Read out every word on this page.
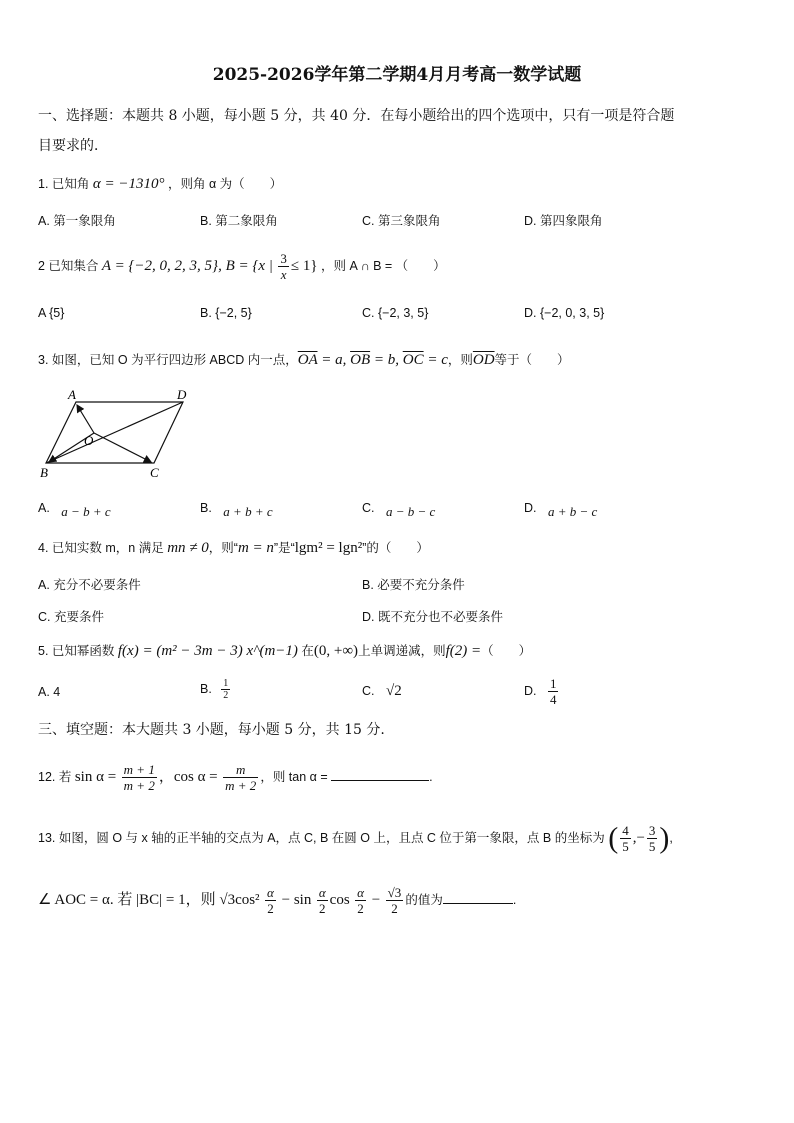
2025-2026学年第二学期4月月考高一数学试题
一、选择题：本题共 8 小题，每小题 5 分，共 40 分．在每小题给出的四个选项中，只有一项是符合题
目要求的．
1. 已知角 α = −1310° ，则角 α 为（　　）
A. 第一象限角	B. 第二象限角	C. 第三象限角	D. 第四象限角
2 已知集合 A = {−2, 0, 2, 3, 5}, B = {x | $\frac{3}{x} \le 1$} ，则 A ∩ B = （　　）
A {5}	B. {−2, 5}	C. {−2, 3, 5}	D. {−2, 0, 3, 5}
3. 如图，已知 O 为平行四边形 ABCD 内一点，$\overline{OA} = a$, $\overline{OB} = b$, $\overline{OC} = c$，则$\overline{OD}$等于（　　）
A	D
B	C
O
A. a − b + c	B. a + b + c	C. a − b − c	D. a + b − c
4. 已知实数 m，n 满足 mn ≠ 0，则“m = n”是“lgm² = lgn²”的（　　）
A. 充分不必要条件	B. 必要不充分条件
C. 充要条件	D. 既不充分也不必要条件
5. 已知幂函数 f(x) = (m² − 3m − 3) x^(m−1) 在(0, +∞)上单调递减，则f(2) =（　　）
A. 4	B. $\frac{1}{2}$	C. √2	D. $\frac{1}{4}$
三、填空题：本大题共 3 小题，每小题 5 分，共 15 分.
12. 若 $\sin \alpha = \frac{m + 1}{m + 2}$ ，$\cos \alpha = \frac{m}{m + 2}$ ，则 tan α =	.
13. 如图，圆 O 与 x 轴的正半轴的交点为 A，点 C, B 在圆 O 上，且点 C 位于第一象限，点 B 的坐标为 ( $\frac{4}{5}$ ,− $\frac{3}{5}$ ),
∠ AOC = α. 若 |BC| = 1，则 $√3\cos^2 \frac{\alpha}{2} - \sin \frac{\alpha}{2}$ $\cos \frac{\alpha}{2} - \frac{√3}{2}$ 的值为	.
